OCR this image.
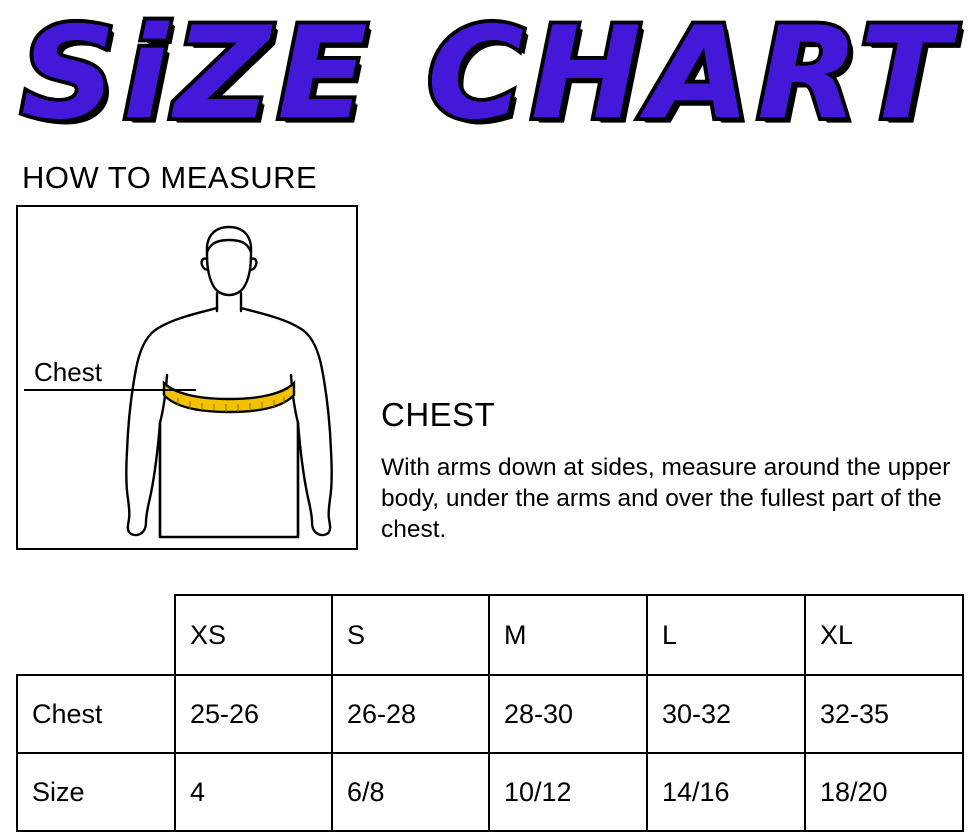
SiZE CHART
HOW TO MEASURE
Chest
CHEST
With arms down at sides, measure around the upper body, under the arms and over the fullest part of the chest.
	XS	S	M	L	XL
Chest	25-26	26-28	28-30	30-32	32-35
Size	4	6/8	10/12	14/16	18/20
